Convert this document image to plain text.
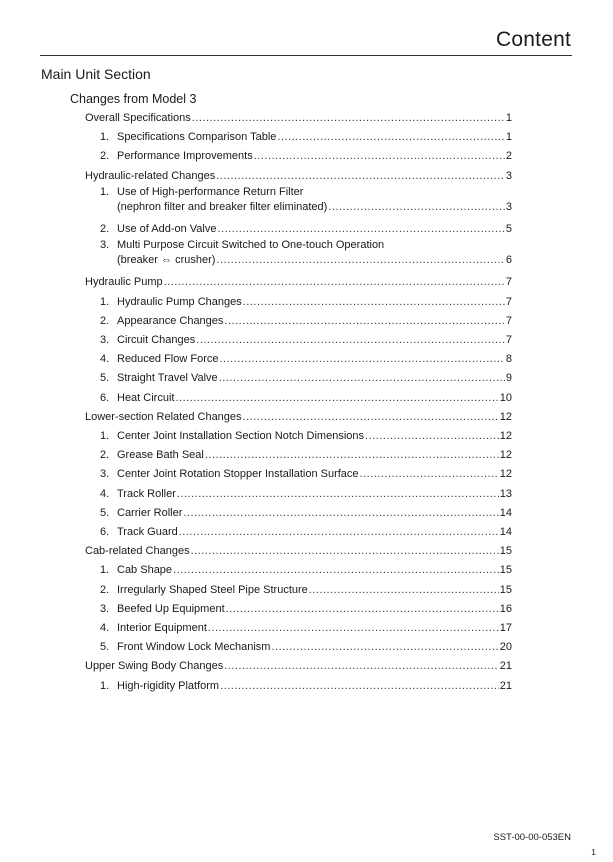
Content
Main Unit Section
Changes from Model 3
Overall Specifications .....	1
1. Specifications Comparison Table .....	1
2. Performance Improvements .....	2
Hydraulic-related Changes .....	3
1. Use of High-performance Return Filter
(nephron filter and breaker filter eliminated) .....	3
2. Use of Add-on Valve .....	5
3. Multi Purpose Circuit Switched to One-touch Operation
(breaker ⇔ crusher) .....	6
Hydraulic Pump .....	7
1. Hydraulic Pump Changes .....	7
2. Appearance Changes .....	7
3. Circuit Changes .....	7
4. Reduced Flow Force .....	8
5. Straight Travel Valve .....	9
6. Heat Circuit .....	10
Lower-section Related Changes .....	12
1. Center Joint Installation Section Notch Dimensions .....	12
2. Grease Bath Seal .....	12
3. Center Joint Rotation Stopper Installation Surface .....	12
4. Track Roller .....	13
5. Carrier Roller .....	14
6. Track Guard .....	14
Cab-related Changes .....	15
1. Cab Shape .....	15
2. Irregularly Shaped Steel Pipe Structure .....	15
3. Beefed Up Equipment .....	16
4. Interior Equipment .....	17
5. Front Window Lock Mechanism .....	20
Upper Swing Body Changes .....	21
1. High-rigidity Platform .....	21
SST-00-00-053EN
1
